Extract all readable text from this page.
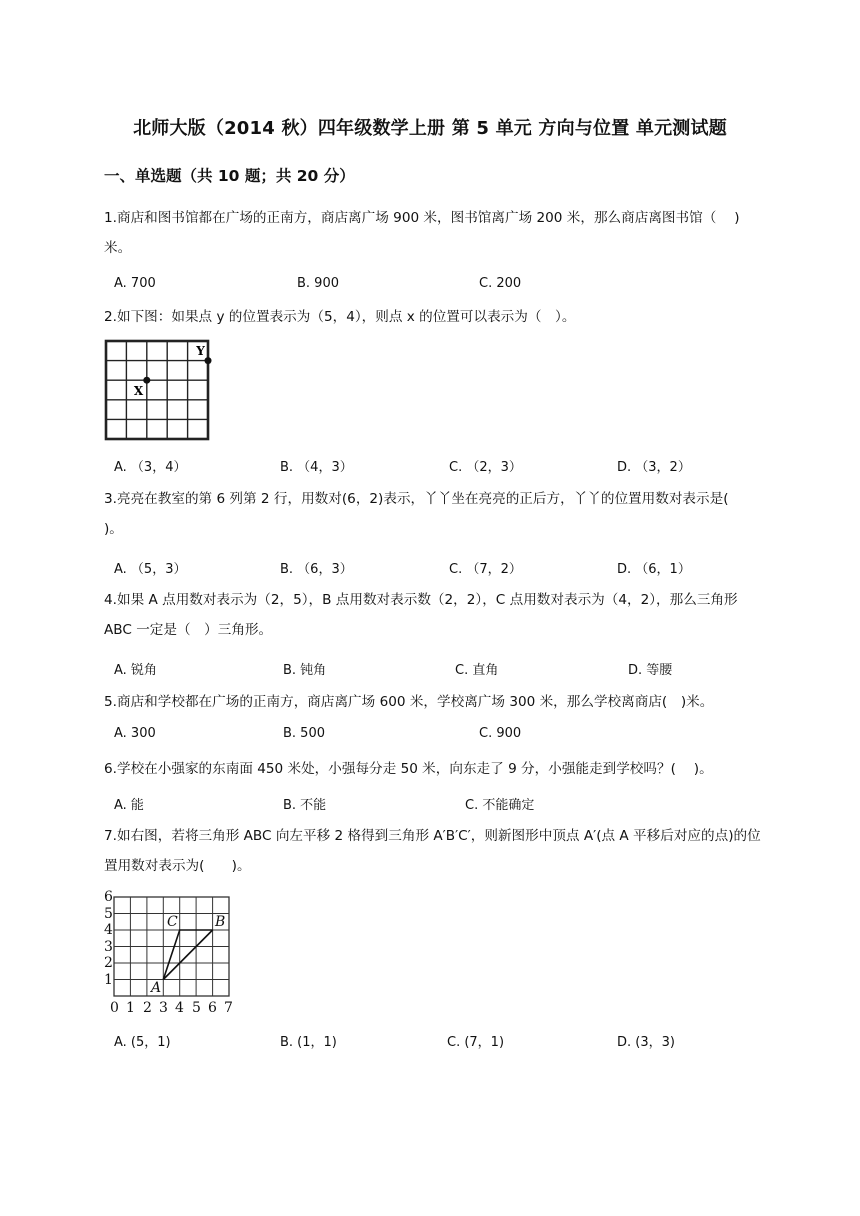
北师大版（2014 秋）四年级数学上册 第 5 单元 方向与位置 单元测试题
一、单选题（共 10 题；共 20 分）
1.商店和图书馆都在广场的正南方，商店离广场 900 米，图书馆离广场 200 米，那么商店离图书馆（　 )米。
A. 700	B. 900	C. 200
2.如下图：如果点 y 的位置表示为（5，4），则点 x 的位置可以表示为（　）。
Y
X
A. （3，4）	B. （4，3）	C. （2，3）	D. （3，2）
3.亮亮在教室的第 6 列第 2 行，用数对(6，2)表示，丫丫坐在亮亮的正后方，丫丫的位置用数对表示是(　 )。
A. （5，3）	B. （6，3）	C. （7，2）	D. （6，1）
4.如果 A 点用数对表示为（2，5），B 点用数对表示数（2，2），C 点用数对表示为（4，2），那么三角形 ABC 一定是（　）三角形。
A. 锐角	B. 钝角	C. 直角	D. 等腰
5.商店和学校都在广场的正南方，商店离广场 600 米，学校离广场 300 米，那么学校离商店(　)米。
A. 300	B. 500	C. 900
6.学校在小强家的东南面 450 米处，小强每分走 50 米，向东走了 9 分，小强能走到学校吗？(　 )。
A. 能	B. 不能	C. 不能确定
7.如右图，若将三角形 ABC 向左平移 2 格得到三角形 A′B′C′，则新图形中顶点 A′(点 A 平移后对应的点)的位置用数对表示为(　　)。
6
5
4
3
2
1
0 1 2 3 4 5 6 7
C	B
A
A. (5，1)	B. (1，1)	C. (7，1)	D. (3，3)
